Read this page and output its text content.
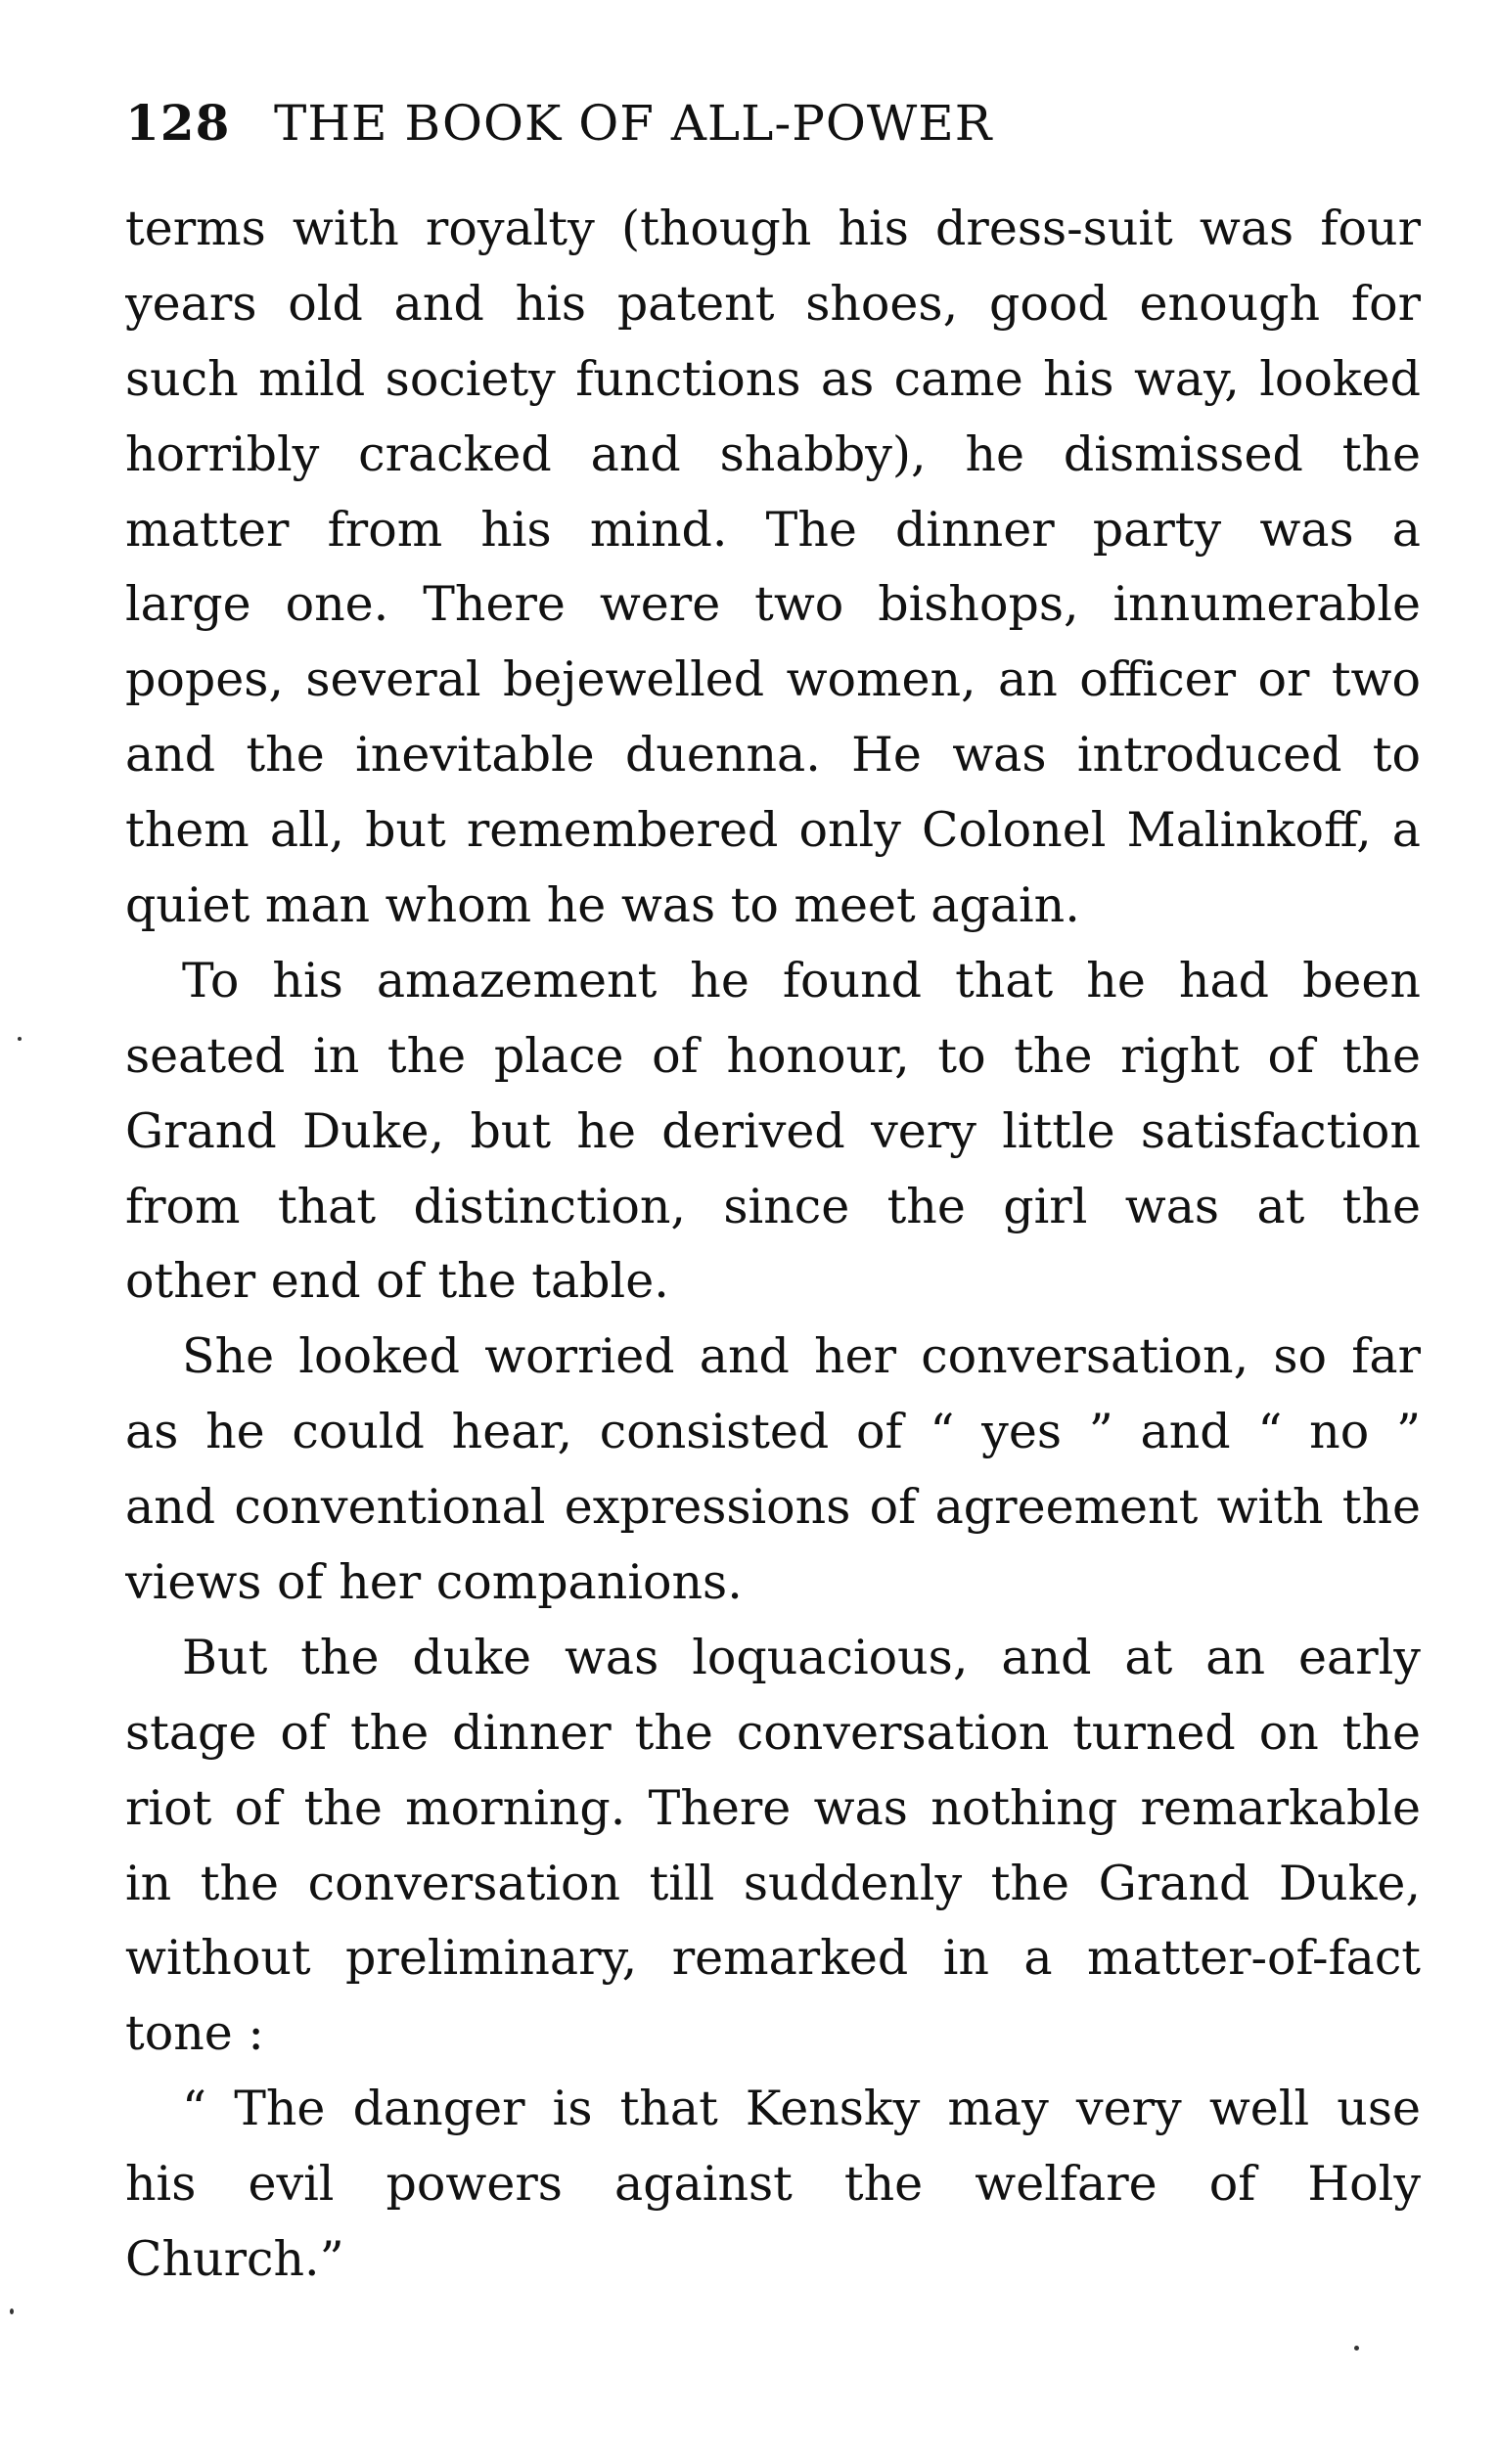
128 THE BOOK OF ALL-POWER
terms with royalty (though his dress-suit was four
years old and his patent shoes, good enough for
such mild society functions as came his way, looked
horribly cracked and shabby), he dismissed the
matter from his mind. The dinner party was a
large one. There were two bishops, innumerable
popes, several bejewelled women, an officer or two
and the inevitable duenna. He was introduced to
them all, but remembered only Colonel Malinkoff, a
quiet man whom he was to meet again.
To his amazement he found that he had been
seated in the place of honour, to the right of the
Grand Duke, but he derived very little satisfaction
from that distinction, since the girl was at the
other end of the table.
She looked worried and her conversation, so far
as he could hear, consisted of “ yes ” and “ no ”
and conventional expressions of agreement with the
views of her companions.
But the duke was loquacious, and at an early
stage of the dinner the conversation turned on the
riot of the morning. There was nothing remarkable
in the conversation till suddenly the Grand Duke,
without preliminary, remarked in a matter-of-fact
tone :
“ The danger is that Kensky may very well use
his evil powers against the welfare of Holy
Church.”
